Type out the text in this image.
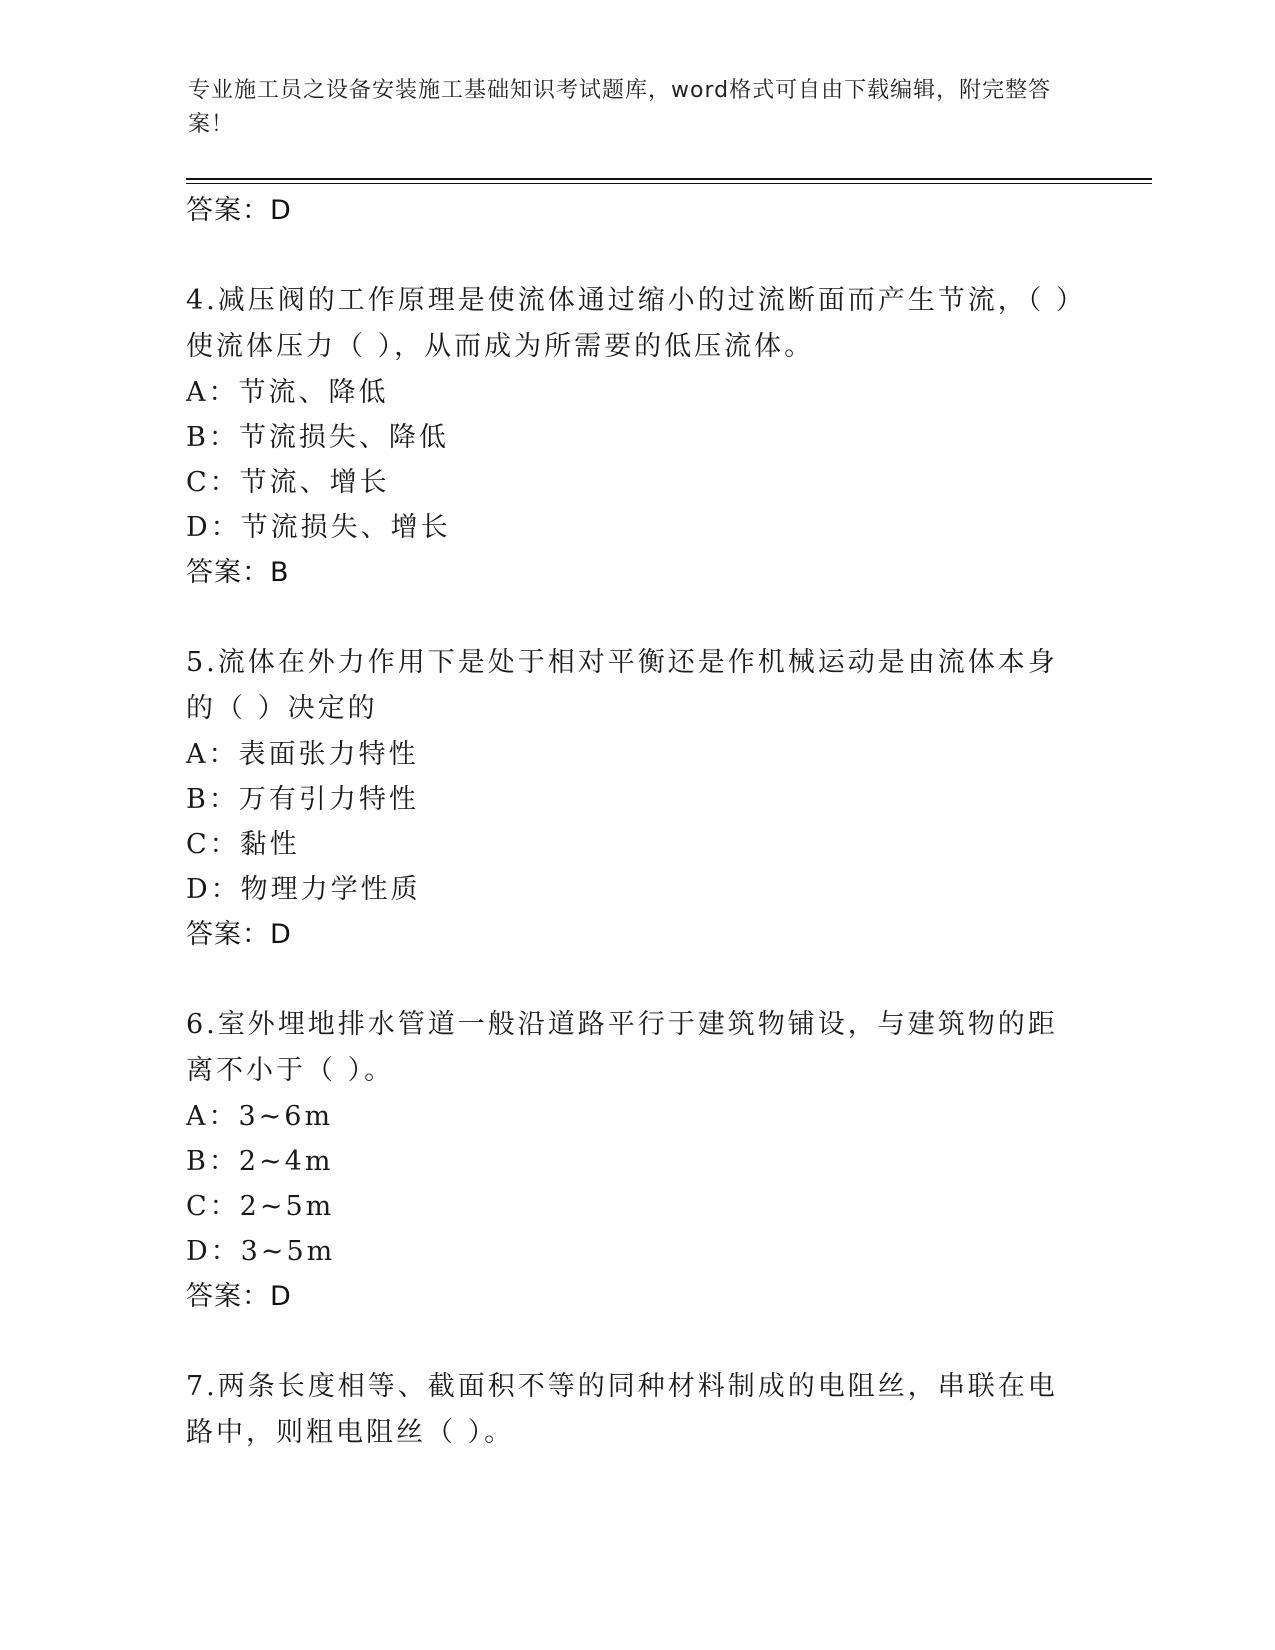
专业施工员之设备安装施工基础知识考试题库，word格式可自由下载编辑，附完整答案！
答案：D
4.减压阀的工作原理是使流体通过缩小的过流断面而产生节流，（ ）使流体压力（ ），从而成为所需要的低压流体。
A：节流、降低
B：节流损失、降低
C：节流、增长
D：节流损失、增长
答案：B
5.流体在外力作用下是处于相对平衡还是作机械运动是由流体本身的（ ）决定的
A：表面张力特性
B：万有引力特性
C：黏性
D：物理力学性质
答案：D
6.室外埋地排水管道一般沿道路平行于建筑物铺设，与建筑物的距离不小于（ ）。
A：3~6m
B：2~4m
C：2~5m
D：3~5m
答案：D
7.两条长度相等、截面积不等的同种材料制成的电阻丝，串联在电路中，则粗电阻丝（ ）。
